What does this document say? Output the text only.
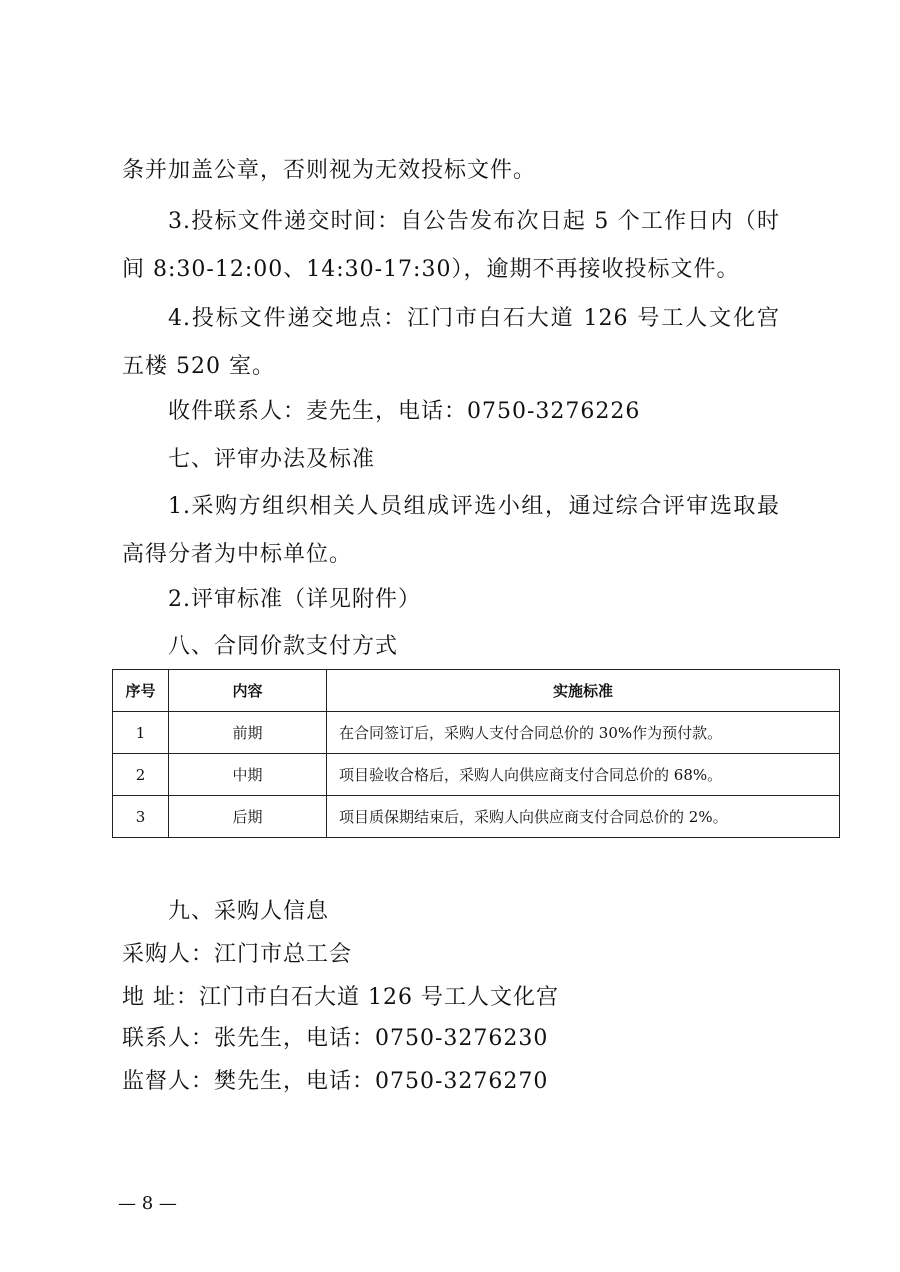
条并加盖公章，否则视为无效投标文件。
3.投标文件递交时间：自公告发布次日起 5 个工作日内（时
间 8:30-12:00、14:30-17:30），逾期不再接收投标文件。
4.投标文件递交地点：江门市白石大道 126 号工人文化宫
五楼 520 室。
收件联系人：麦先生，电话：0750-3276226
七、评审办法及标准
1.采购方组织相关人员组成评选小组，通过综合评审选取最
高得分者为中标单位。
2.评审标准（详见附件）
八、合同价款支付方式
序号	内容	实施标准
1	前期	在合同签订后，采购人支付合同总价的 30%作为预付款。
2	中期	项目验收合格后，采购人向供应商支付合同总价的 68%。
3	后期	项目质保期结束后，采购人向供应商支付合同总价的 2%。
九、采购人信息
采购人：江门市总工会
地 址：江门市白石大道 126 号工人文化宫
联系人：张先生，电话：0750-3276230
监督人：樊先生，电话：0750-3276270
— 8 —
